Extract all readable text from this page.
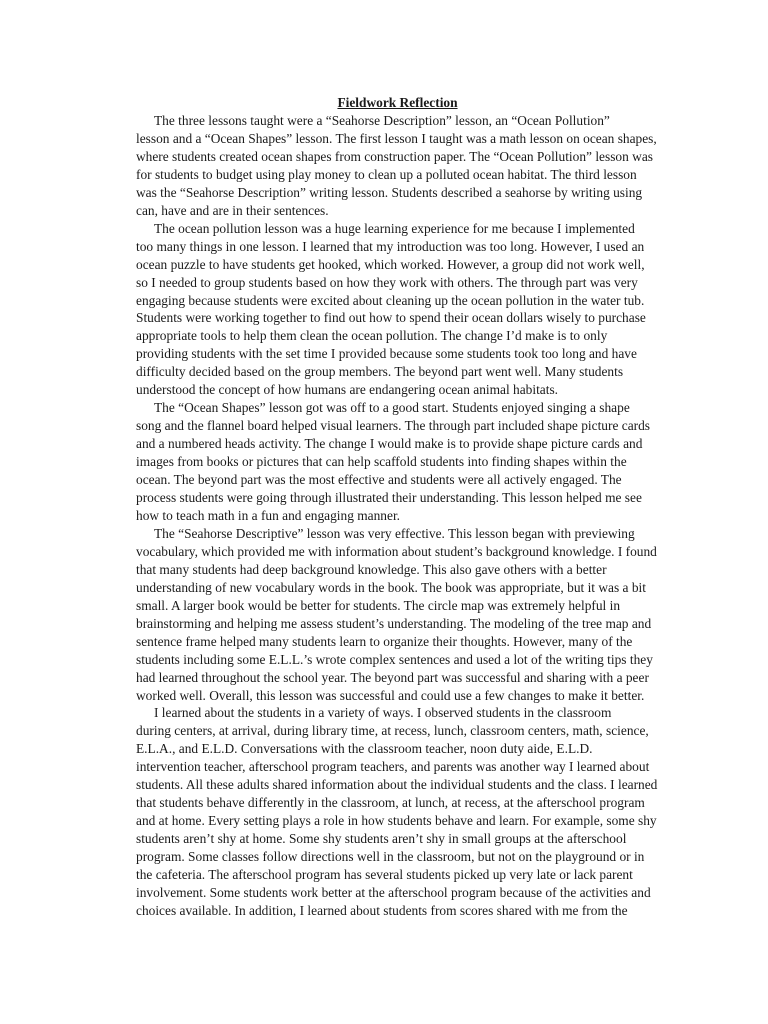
Fieldwork Reflection
The three lessons taught were a “Seahorse Description” lesson, an “Ocean Pollution”
lesson and a “Ocean Shapes” lesson. The first lesson I taught was a math lesson on ocean shapes,
where students created ocean shapes from construction paper. The “Ocean Pollution” lesson was
for students to budget using play money to clean up a polluted ocean habitat. The third lesson
was the “Seahorse Description” writing lesson. Students described a seahorse by writing using
can, have and are in their sentences.
The ocean pollution lesson was a huge learning experience for me because I implemented
too many things in one lesson. I learned that my introduction was too long. However, I used an
ocean puzzle to have students get hooked, which worked. However, a group did not work well,
so I needed to group students based on how they work with others. The through part was very
engaging because students were excited about cleaning up the ocean pollution in the water tub.
Students were working together to find out how to spend their ocean dollars wisely to purchase
appropriate tools to help them clean the ocean pollution. The change I’d make is to only
providing students with the set time I provided because some students took too long and have
difficulty decided based on the group members. The beyond part went well. Many students
understood the concept of how humans are endangering ocean animal habitats.
The “Ocean Shapes” lesson got was off to a good start. Students enjoyed singing a shape
song and the flannel board helped visual learners. The through part included shape picture cards
and a numbered heads activity. The change I would make is to provide shape picture cards and
images from books or pictures that can help scaffold students into finding shapes within the
ocean. The beyond part was the most effective and students were all actively engaged. The
process students were going through illustrated their understanding. This lesson helped me see
how to teach math in a fun and engaging manner.
The “Seahorse Descriptive” lesson was very effective. This lesson began with previewing
vocabulary, which provided me with information about student’s background knowledge. I found
that many students had deep background knowledge. This also gave others with a better
understanding of new vocabulary words in the book. The book was appropriate, but it was a bit
small. A larger book would be better for students. The circle map was extremely helpful in
brainstorming and helping me assess student’s understanding. The modeling of the tree map and
sentence frame helped many students learn to organize their thoughts. However, many of the
students including some E.L.L.’s wrote complex sentences and used a lot of the writing tips they
had learned throughout the school year. The beyond part was successful and sharing with a peer
worked well. Overall, this lesson was successful and could use a few changes to make it better.
I learned about the students in a variety of ways. I observed students in the classroom
during centers, at arrival, during library time, at recess, lunch, classroom centers, math, science,
E.L.A., and E.L.D. Conversations with the classroom teacher, noon duty aide, E.L.D.
intervention teacher, afterschool program teachers, and parents was another way I learned about
students. All these adults shared information about the individual students and the class. I learned
that students behave differently in the classroom, at lunch, at recess, at the afterschool program
and at home. Every setting plays a role in how students behave and learn. For example, some shy
students aren’t shy at home. Some shy students aren’t shy in small groups at the afterschool
program. Some classes follow directions well in the classroom, but not on the playground or in
the cafeteria. The afterschool program has several students picked up very late or lack parent
involvement. Some students work better at the afterschool program because of the activities and
choices available. In addition, I learned about students from scores shared with me from the
